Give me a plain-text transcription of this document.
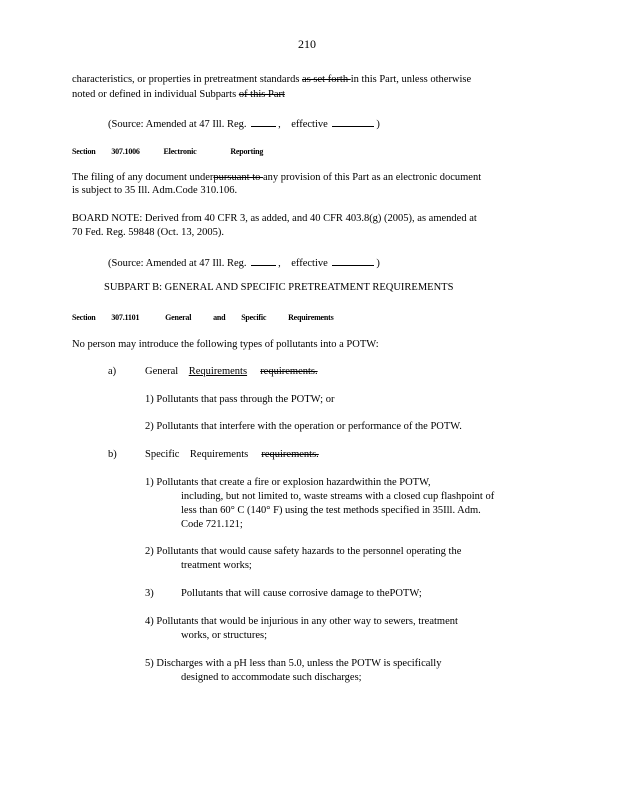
210
characteristics, or properties in pretreatment standards as set forth in this Part, unless otherwise
noted or defined in individual Subparts of this Part
(Source: Amended at 47 Ill. Reg.	, effective	)
Section 307.1006	Electronic	Reporting
The filing of any document underpursuant to any provision of this Part as an electronic document
is subject to 35 Ill. Adm.Code 310.106.
BOARD NOTE: Derived from 40 CFR 3, as added, and 40 CFR 403.8(g) (2005), as amended at
70 Fed. Reg. 59848 (Oct. 13, 2005).
(Source: Amended at 47 Ill. Reg.	, effective	)
SUBPART B: GENERAL AND SPECIFIC PRETREATMENT REQUIREMENTS
Section 307.1101	General	and Specific	Requirements
No person may introduce the following types of pollutants into a POTW:
a)	General Requirements requirements.
1) Pollutants that pass through the POTW; or
2) Pollutants that interfere with the operation or performance of the POTW.
b)	Specific Requirements requirements.
1) Pollutants that create a fire or explosion hazardwithin the POTW,
including, but not limited to, waste streams with a closed cup flashpoint of
less than 60° C (140° F) using the test methods specified in 35Ill. Adm.
Code 721.121;
2) Pollutants that would cause safety hazards to the personnel operating the
treatment works;
3)	Pollutants that will cause corrosive damage to thePOTW;
4) Pollutants that would be injurious in any other way to sewers, treatment
works, or structures;
5) Discharges with a pH less than 5.0, unless the POTW is specifically
designed to accommodate such discharges;
